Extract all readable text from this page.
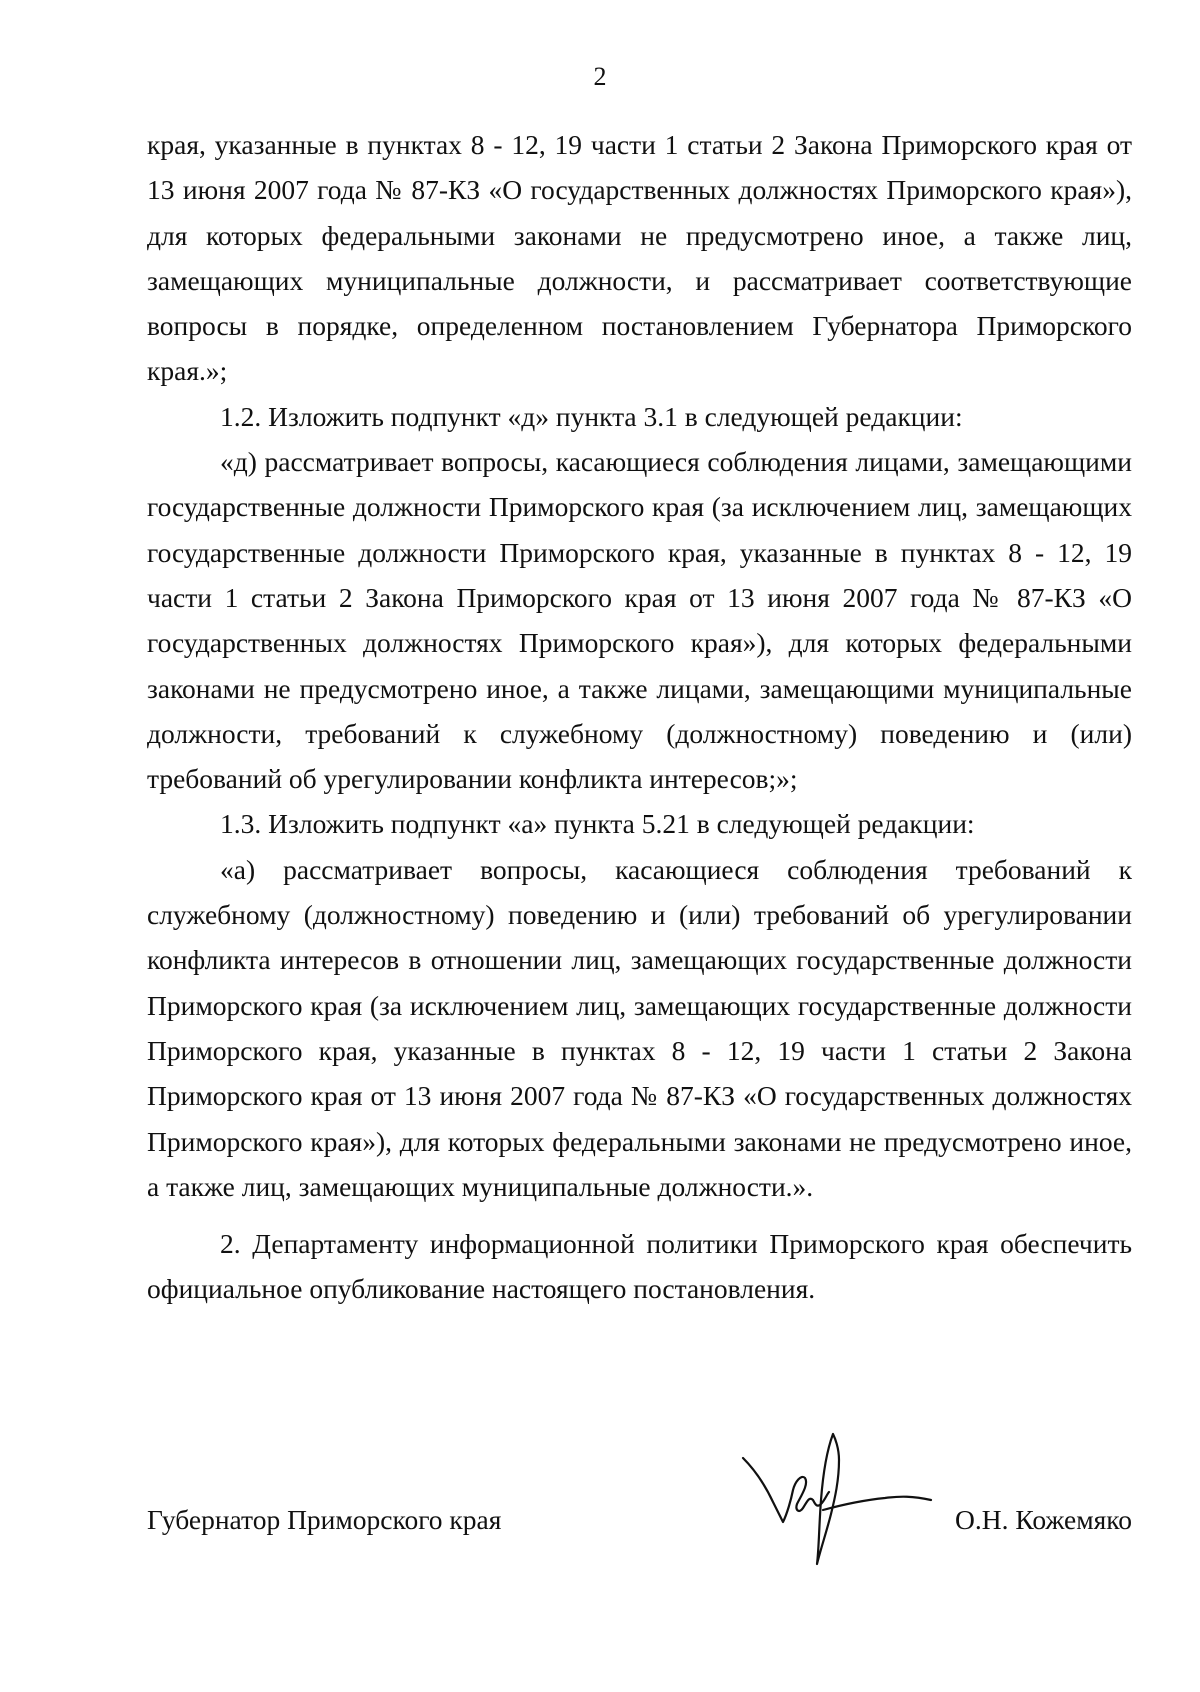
2

края, указанные в пунктах 8 - 12, 19 части 1 статьи 2 Закона Приморского края от 13 июня 2007 года № 87-КЗ «О государственных должностях Приморского края»), для которых федеральными законами не предусмотрено иное, а также лиц, замещающих муниципальные должности, и рассматривает соответствующие вопросы в порядке, определенном постановлением Губернатора Приморского края.»;

1.2. Изложить подпункт «д» пункта 3.1 в следующей редакции:

«д) рассматривает вопросы, касающиеся соблюдения лицами, замещающими государственные должности Приморского края (за исключением лиц, замещающих государственные должности Приморского края, указанные в пунктах 8 - 12, 19 части 1 статьи 2 Закона Приморского края от 13 июня 2007 года № 87-КЗ «О государственных должностях Приморского края»), для которых федеральными законами не предусмотрено иное, а также лицами, замещающими муниципальные должности, требований к служебному (должностному) поведению и (или) требований об урегулировании конфликта интересов;»;

1.3. Изложить подпункт «а» пункта 5.21 в следующей редакции:

«а) рассматривает вопросы, касающиеся соблюдения требований к служебному (должностному) поведению и (или) требований об урегулировании конфликта интересов в отношении лиц, замещающих государственные должности Приморского края (за исключением лиц, замещающих государственные должности Приморского края, указанные в пунктах 8 - 12, 19 части 1 статьи 2 Закона Приморского края от 13 июня 2007 года № 87-КЗ «О государственных должностях Приморского края»), для которых федеральными законами не предусмотрено иное, а также лиц, замещающих муниципальные должности.».

2. Департаменту информационной политики Приморского края обеспечить официальное опубликование настоящего постановления.

Губернатор Приморского края	О.Н. Кожемяко
